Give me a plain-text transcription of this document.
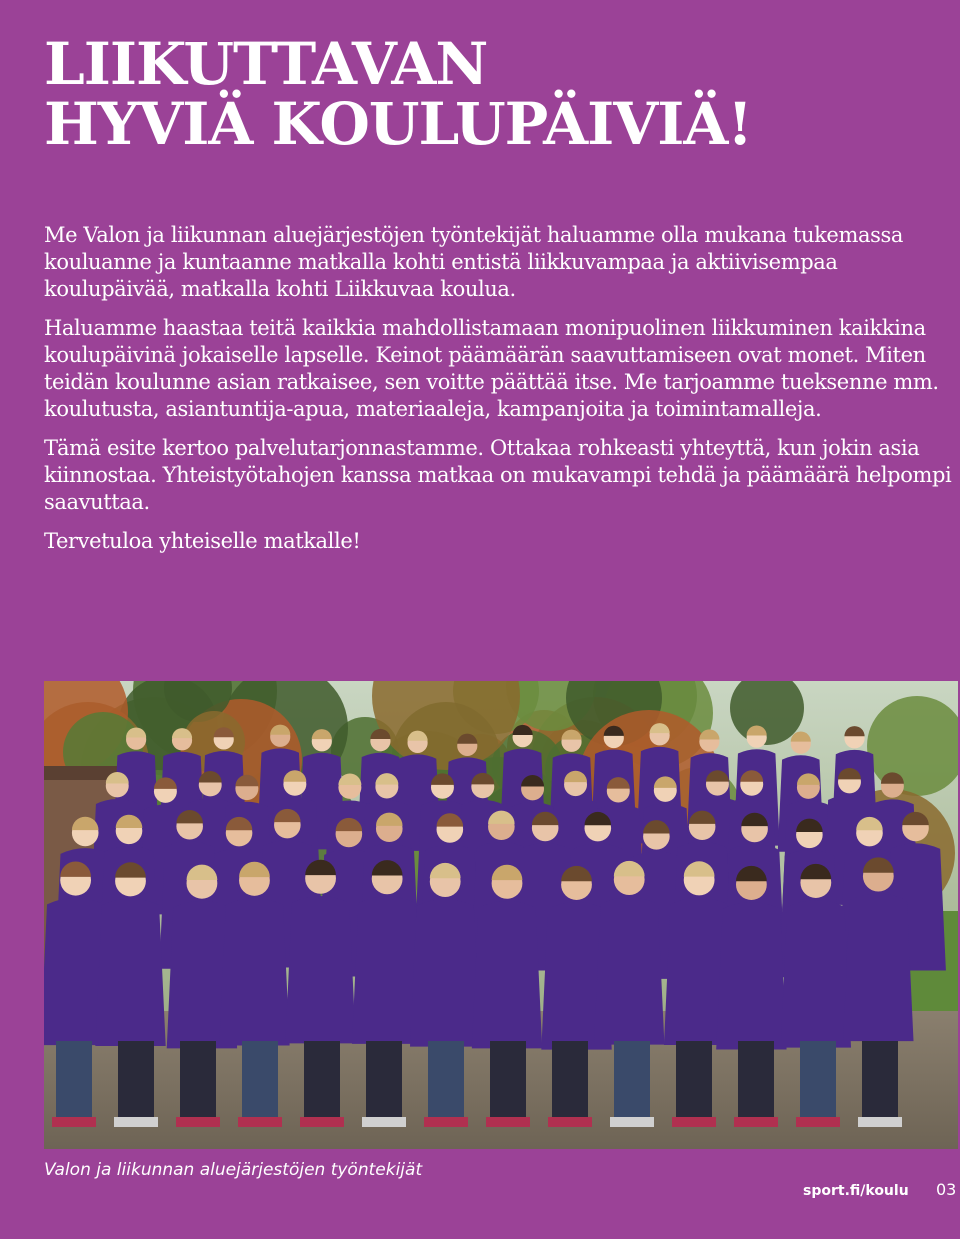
LIIKUTTAVAN
HYVIÄ KOULUPÄIVIÄ!

Me Valon ja liikunnan aluejärjestöjen työntekijät haluamme olla mukana tukemassa kouluanne ja kuntaanne matkalla kohti entistä liikkuvampaa ja aktiivisempaa koulupäivää, matkalla kohti Liikkuvaa koulua.

Haluamme haastaa teitä kaikkia mahdollistamaan monipuolinen liikkuminen kaikkina koulupäivinä jokaiselle lapselle. Keinot päämäärän saavuttamiseen ovat monet. Miten teidän koulunne asian ratkaisee, sen voitte päättää itse. Me tarjoamme tueksenne mm. koulutusta, asiantuntija-apua, materiaaleja, kampanjoita ja toimintamalleja.

Tämä esite kertoo palvelutarjonnastamme. Ottakaa rohkeasti yhteyttä, kun jokin asia kiinnostaa. Yhteistyötahojen kanssa matkaa on mukavampi tehdä ja päämäärä helpompi saavuttaa.

Tervetuloa yhteiselle matkalle!

Valon ja liikunnan aluejärjestöjen työntekijät
sport.fi/koulu 03
